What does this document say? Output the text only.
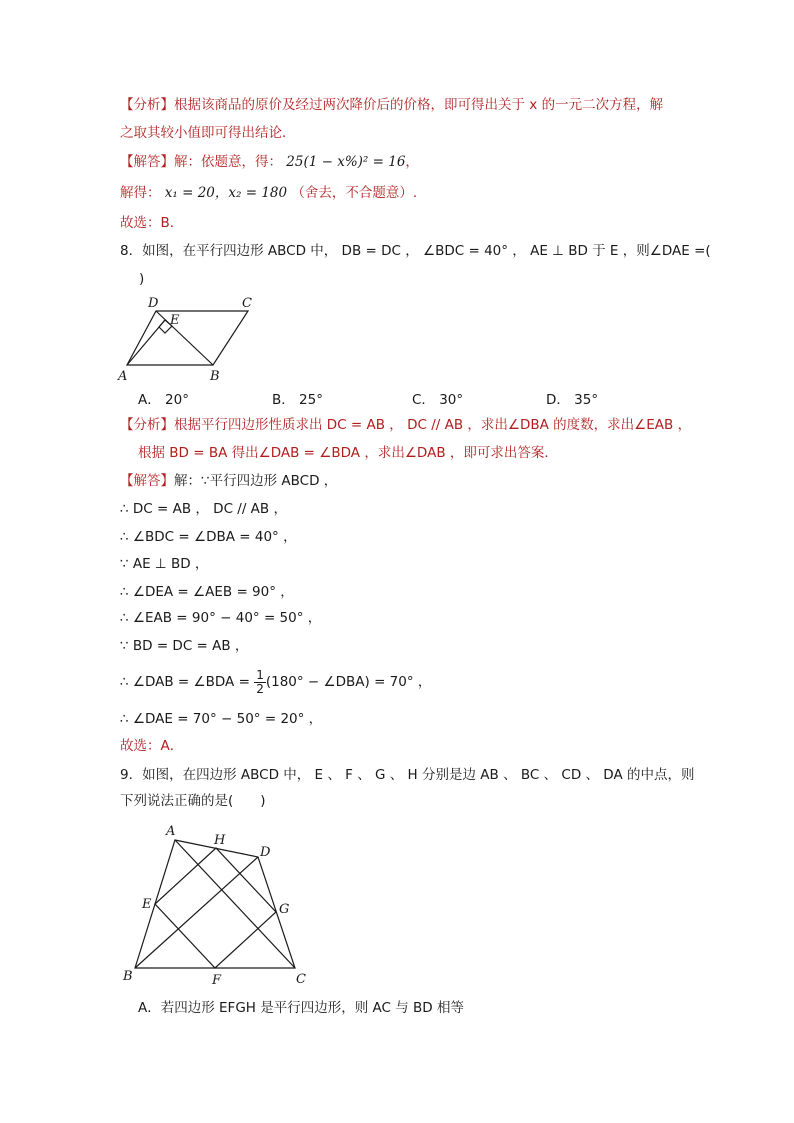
【分析】根据该商品的原价及经过两次降价后的价格，即可得出关于 x 的一元二次方程，解
之取其较小值即可得出结论．
【解答】解：依题意，得： 25(1 − x%)² = 16，
解得： x₁ = 20，x₂ = 180 （舍去，不合题意）.
故选：B．
8．如图，在平行四边形 ABCD 中， DB = DC ， ∠BDC = 40° ， AE ⊥ BD 于 E ，则∠DAE =(
)
D	C
E
A	B
A． 20°	B． 25°	C． 30°	D． 35°
【分析】根据平行四边形性质求出 DC = AB ， DC // AB ，求出∠DBA 的度数，求出∠EAB ，
根据 BD = BA 得出∠DAB = ∠BDA ，求出∠DAB ，即可求出答案．
【解答】解：∵平行四边形 ABCD ，
∴ DC = AB ， DC // AB ，
∴ ∠BDC = ∠DBA = 40° ，
∵ AE ⊥ BD ，
∴ ∠DEA = ∠AEB = 90° ，
∴ ∠EAB = 90° − 40° = 50° ，
∵ BD = DC = AB ，
∴ ∠DAB = ∠BDA = $\frac{1}{2} (180^\circ$ − ∠DBA) = 70° ，
∴ ∠DAE = 70° − 50° = 20° ，
故选：A．
9．如图，在四边形 ABCD 中， E 、 F 、 G 、 H 分别是边 AB 、 BC 、 CD 、 DA 的中点，则
下列说法正确的是(　　)
A
H
D
E	G
B	F	C
A．若四边形 EFGH 是平行四边形，则 AC 与 BD 相等
